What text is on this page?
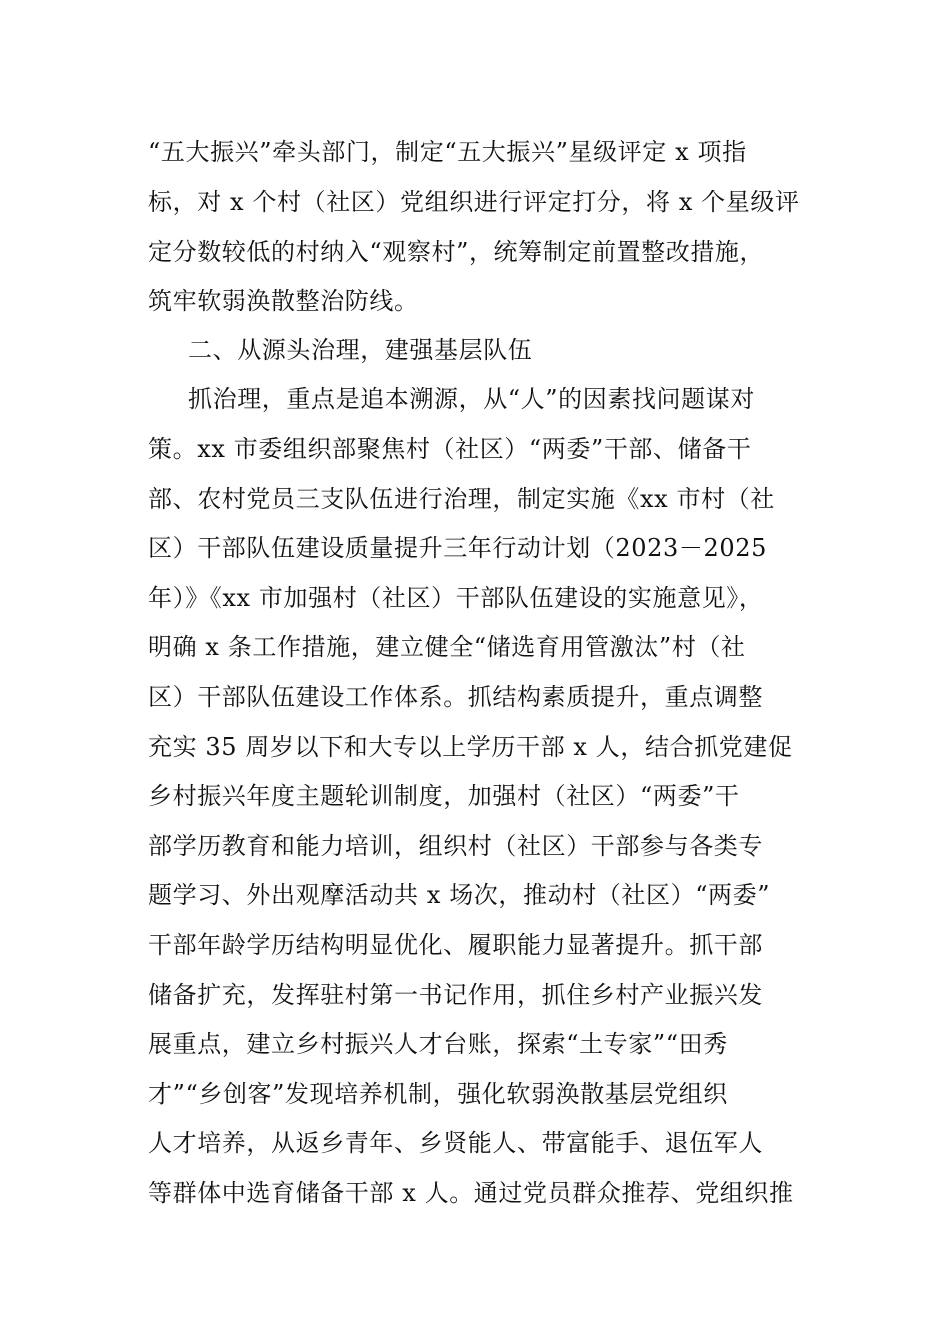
“五大振兴”牵头部门，制定“五大振兴”星级评定 x 项指
标，对 x 个村（社区）党组织进行评定打分，将 x 个星级评
定分数较低的村纳入“观察村”，统筹制定前置整改措施，
筑牢软弱涣散整治防线。
二、从源头治理，建强基层队伍
抓治理，重点是追本溯源，从“人”的因素找问题谋对
策。xx 市委组织部聚焦村（社区）“两委”干部、储备干
部、农村党员三支队伍进行治理，制定实施《xx 市村（社
区）干部队伍建设质量提升三年行动计划（2023－2025
年）》《xx 市加强村（社区）干部队伍建设的实施意见》，
明确 x 条工作措施，建立健全“储选育用管激汰”村（社
区）干部队伍建设工作体系。抓结构素质提升，重点调整
充实 35 周岁以下和大专以上学历干部 x 人，结合抓党建促
乡村振兴年度主题轮训制度，加强村（社区）“两委”干
部学历教育和能力培训，组织村（社区）干部参与各类专
题学习、外出观摩活动共 x 场次，推动村（社区）“两委”
干部年龄学历结构明显优化、履职能力显著提升。抓干部
储备扩充，发挥驻村第一书记作用，抓住乡村产业振兴发
展重点，建立乡村振兴人才台账，探索“土专家”“田秀
才”“乡创客”发现培养机制，强化软弱涣散基层党组织
人才培养，从返乡青年、乡贤能人、带富能手、退伍军人
等群体中选育储备干部 x 人。通过党员群众推荐、党组织推
